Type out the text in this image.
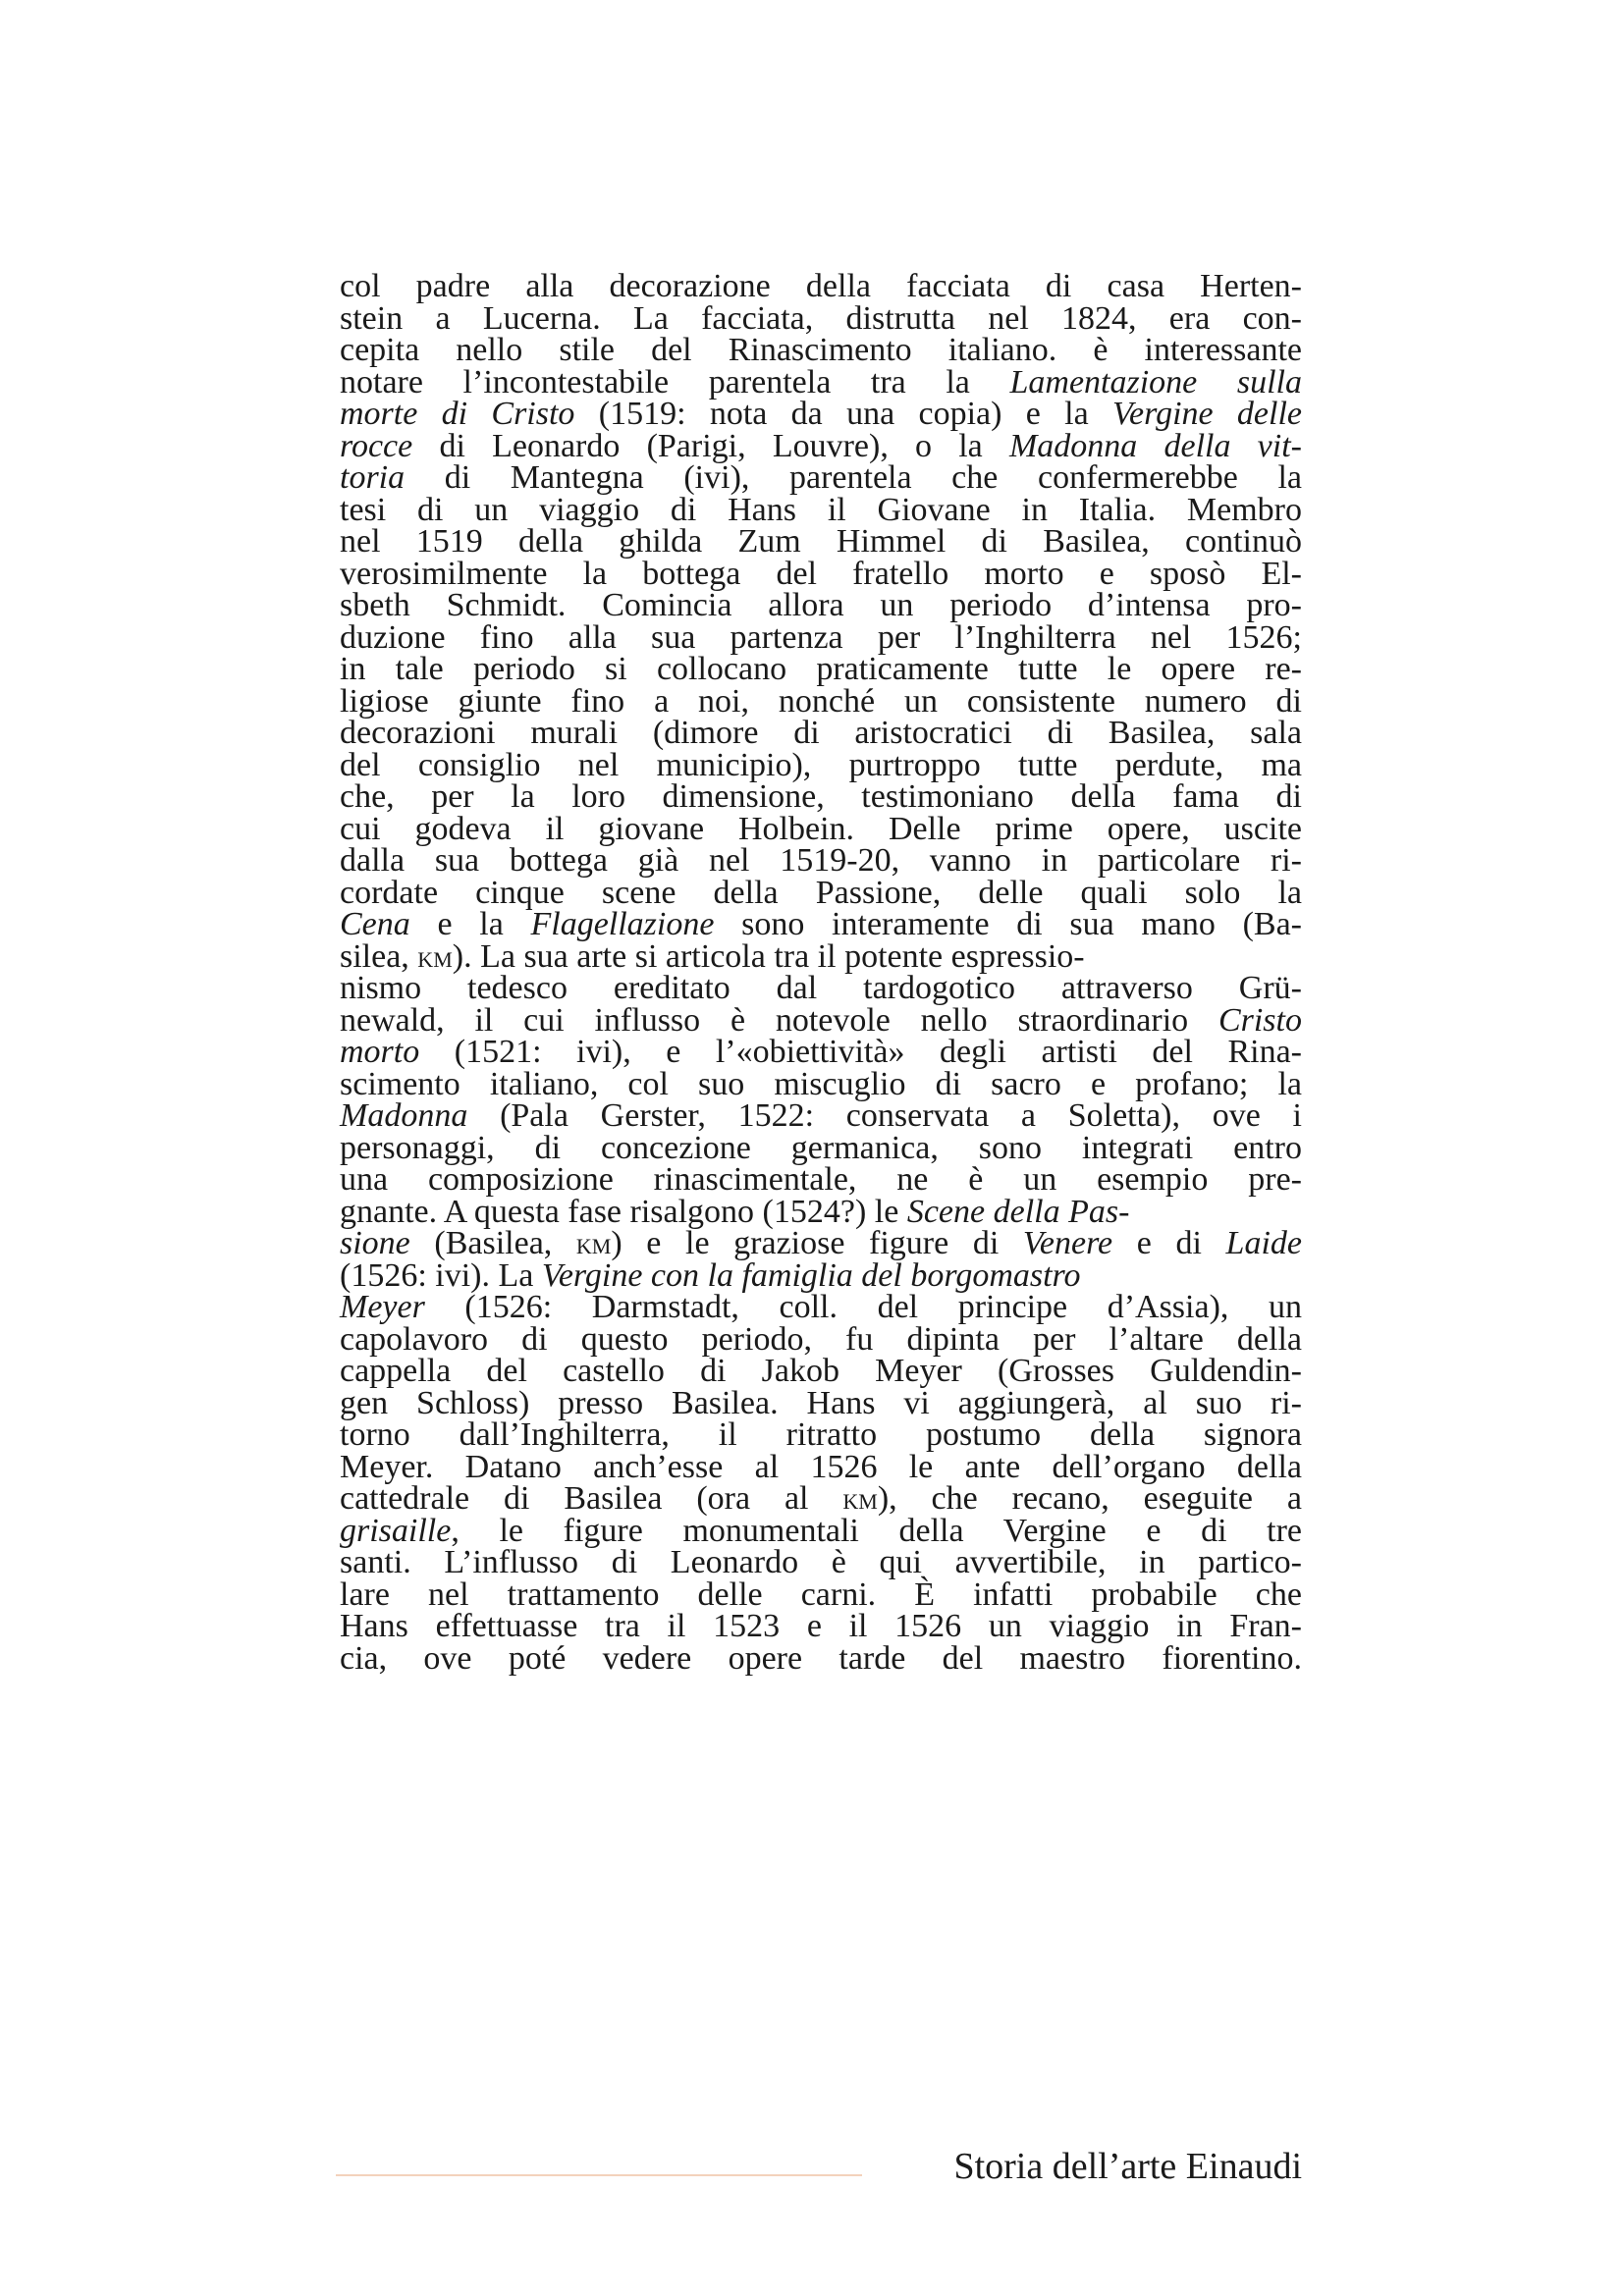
col padre alla decorazione della facciata di casa Herten-
stein a Lucerna. La facciata, distrutta nel 1824, era con-
cepita nello stile del Rinascimento italiano. è interessante
notare l’incontestabile parentela tra la Lamentazione sulla
morte di Cristo (1519: nota da una copia) e la Vergine delle
rocce di Leonardo (Parigi, Louvre), o la Madonna della vit-
toria di Mantegna (ivi), parentela che confermerebbe la
tesi di un viaggio di Hans il Giovane in Italia. Membro
nel 1519 della ghilda Zum Himmel di Basilea, continuò
verosimilmente la bottega del fratello morto e sposò El-
sbeth Schmidt. Comincia allora un periodo d’intensa pro-
duzione fino alla sua partenza per l’Inghilterra nel 1526;
in tale periodo si collocano praticamente tutte le opere re-
ligiose giunte fino a noi, nonché un consistente numero di
decorazioni murali (dimore di aristocratici di Basilea, sala
del consiglio nel municipio), purtroppo tutte perdute, ma
che, per la loro dimensione, testimoniano della fama di
cui godeva il giovane Holbein. Delle prime opere, uscite
dalla sua bottega già nel 1519-20, vanno in particolare ri-
cordate cinque scene della Passione, delle quali solo la
Cena e la Flagellazione sono interamente di sua mano (Ba-
silea, km). La sua arte si articola tra il potente espressio-
nismo tedesco ereditato dal tardogotico attraverso Grü-
newald, il cui influsso è notevole nello straordinario Cristo
morto (1521: ivi), e l’«obiettività» degli artisti del Rina-
scimento italiano, col suo miscuglio di sacro e profano; la
Madonna (Pala Gerster, 1522: conservata a Soletta), ove i
personaggi, di concezione germanica, sono integrati entro
una composizione rinascimentale, ne è un esempio pre-
gnante. A questa fase risalgono (1524?) le Scene della Pas-
sione (Basilea, km) e le graziose figure di Venere e di Laide
(1526: ivi). La Vergine con la famiglia del borgomastro
Meyer (1526: Darmstadt, coll. del principe d’Assia), un
capolavoro di questo periodo, fu dipinta per l’altare della
cappella del castello di Jakob Meyer (Grosses Guldendin-
gen Schloss) presso Basilea. Hans vi aggiungerà, al suo ri-
torno dall’Inghilterra, il ritratto postumo della signora
Meyer. Datano anch’esse al 1526 le ante dell’organo della
cattedrale di Basilea (ora al km), che recano, eseguite a
grisaille, le figure monumentali della Vergine e di tre
santi. L’influsso di Leonardo è qui avvertibile, in partico-
lare nel trattamento delle carni. È infatti probabile che
Hans effettuasse tra il 1523 e il 1526 un viaggio in Fran-
cia, ove poté vedere opere tarde del maestro fiorentino.
Storia dell’arte Einaudi
